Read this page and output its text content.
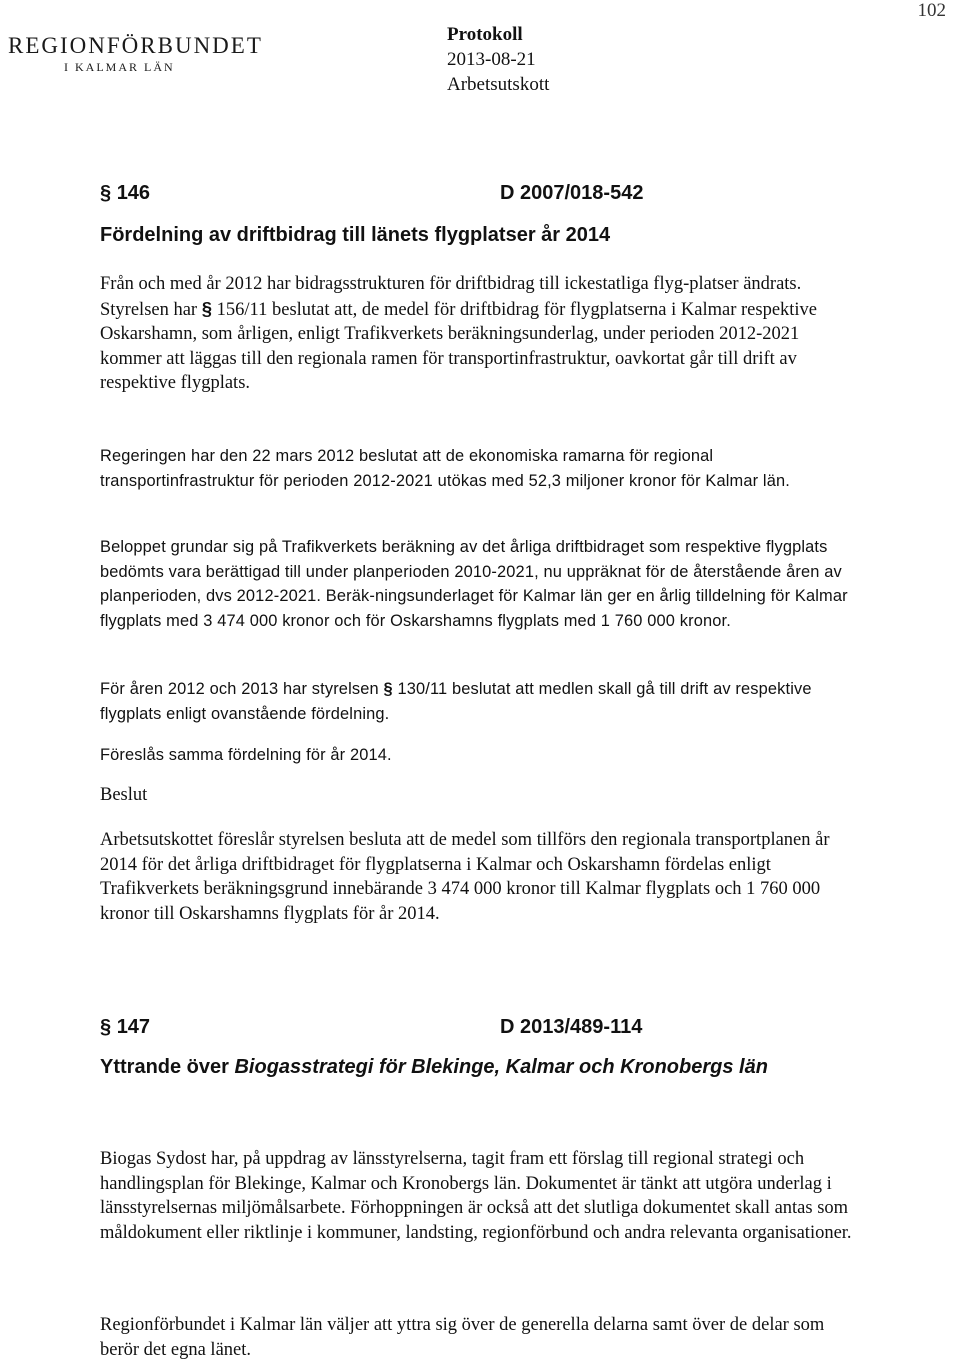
102
REGIONFÖRBUNDET
I KALMAR LÄN
Protokoll
2013-08-21
Arbetsutskott
§ 146	D 2007/018-542
Fördelning av driftbidrag till länets flygplatser år 2014

Från och med år 2012 har bidragsstrukturen för driftbidrag till ickestatliga flyg-platser ändrats. Styrelsen har § 156/11 beslutat att, de medel för driftbidrag för flygplatserna i Kalmar respektive Oskarshamn, som årligen, enligt Trafikverkets beräkningsunderlag, under perioden 2012-2021 kommer att läggas till den regionala ramen för transportinfrastruktur, oavkortat går till drift av respektive flygplats.

Regeringen har den 22 mars 2012 beslutat att de ekonomiska ramarna för regional transportinfrastruktur för perioden 2012-2021 utökas med 52,3 miljoner kronor för Kalmar län.

Beloppet grundar sig på Trafikverkets beräkning av det årliga driftbidraget som respektive flygplats bedömts vara berättigad till under planperioden 2010-2021, nu uppräknat för de återstående åren av planperioden, dvs 2012-2021. Beräk-ningsunderlaget för Kalmar län ger en årlig tilldelning för Kalmar flygplats med 3 474 000 kronor och för Oskarshamns flygplats med 1 760 000 kronor.

För åren 2012 och 2013 har styrelsen § 130/11 beslutat att medlen skall gå till drift av respektive flygplats enligt ovanstående fördelning.

Föreslås samma fördelning för år 2014.

Beslut

Arbetsutskottet föreslår styrelsen besluta att de medel som tillförs den regionala transportplanen år 2014 för det årliga driftbidraget för flygplatserna i Kalmar och Oskarshamn fördelas enligt Trafikverkets beräkningsgrund innebärande 3 474 000 kronor till Kalmar flygplats och 1 760 000 kronor till Oskarshamns flygplats för år 2014.

§ 147	D 2013/489-114
Yttrande över Biogasstrategi för Blekinge, Kalmar och Kronobergs län

Biogas Sydost har, på uppdrag av länsstyrelserna, tagit fram ett förslag till regional strategi och handlingsplan för Blekinge, Kalmar och Kronobergs län. Dokumentet är tänkt att utgöra underlag i länsstyrelsernas miljömålsarbete. Förhoppningen är också att det slutliga dokumentet skall antas som måldokument eller riktlinje i kommuner, landsting, regionförbund och andra relevanta organisationer.

Regionförbundet i Kalmar län väljer att yttra sig över de generella delarna samt över de delar som berör det egna länet.
